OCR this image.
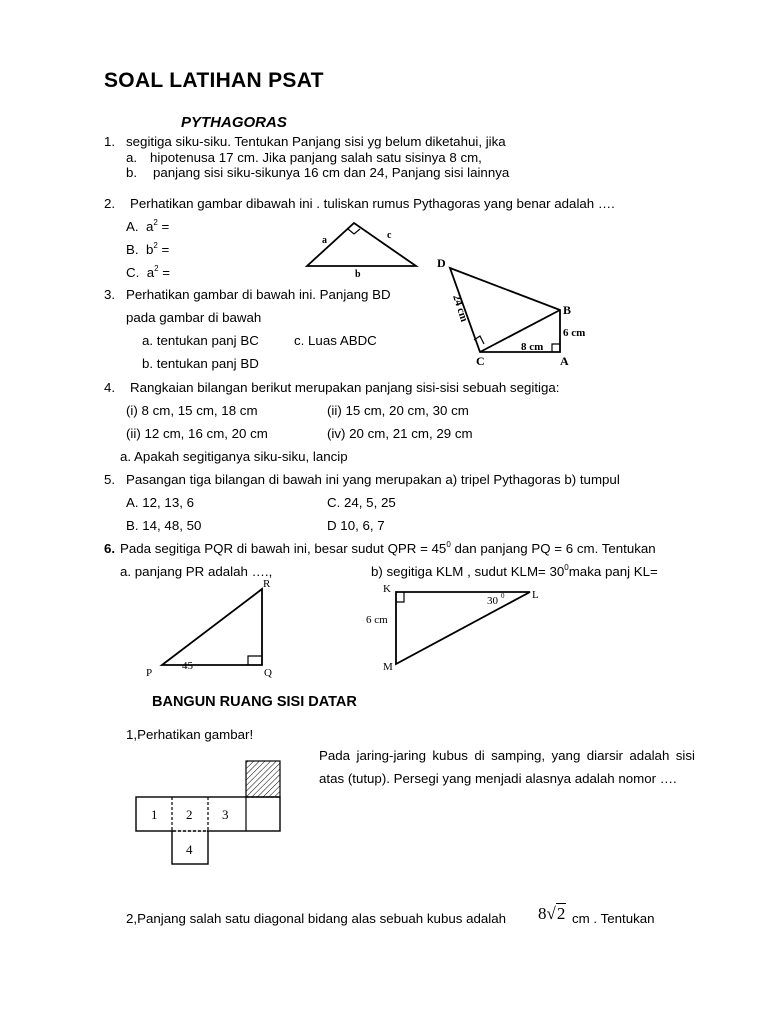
SOAL LATIHAN PSAT
PYTHAGORAS
1. segitiga siku-siku. Tentukan Panjang sisi yg belum diketahui, jika
a. hipotenusa 17 cm. Jika panjang salah satu sisinya 8 cm,
b. panjang sisi siku-sikunya 16 cm dan 24, Panjang sisi lainnya
2. Perhatikan gambar dibawah ini . tuliskan rumus Pythagoras yang benar adalah ….
A. $a^2$ =
B. $b^2$ =
C. $a^2$ =
a	c
b
3. Perhatikan gambar di bawah ini. Panjang BD
pada gambar di bawah
a. tentukan panj BC	c. Luas ABDC
b. tentukan panj BD
D
B
C	A
24 cm
6 cm
8 cm
4. Rangkaian bilangan berikut merupakan panjang sisi-sisi sebuah segitiga:
(i) 8 cm, 15 cm, 18 cm	(ii) 15 cm, 20 cm, 30 cm
(ii) 12 cm, 16 cm, 20 cm	(iv) 20 cm, 21 cm, 29 cm
a. Apakah segitiganya siku-siku, lancip
5. Pasangan tiga bilangan di bawah ini yang merupakan a) tripel Pythagoras b) tumpul
A. 12, 13, 6	C. 24, 5, 25
B. 14, 48, 50	D 10, 6, 7
6. Pada segitiga PQR di bawah ini, besar sudut QPR = $45^0$ dan panjang PQ = 6 cm. Tentukan
a. panjang PR adalah ….,	b) segitiga KLM , sudut $KLM= 30^0maka$ panj KL=
R
P	Q
45
K	L
M
6 cm
30 0
BANGUN RUANG SISI DATAR
1,Perhatikan gambar!
1 2 3
4
Pada jaring-jaring kubus di samping, yang diarsir adalah sisi atas (tutup). Persegi yang menjadi alasnya adalah nomor ….
2,Panjang salah satu diagonal bidang alas sebuah kubus adalah 8√2 cm . Tentukan
